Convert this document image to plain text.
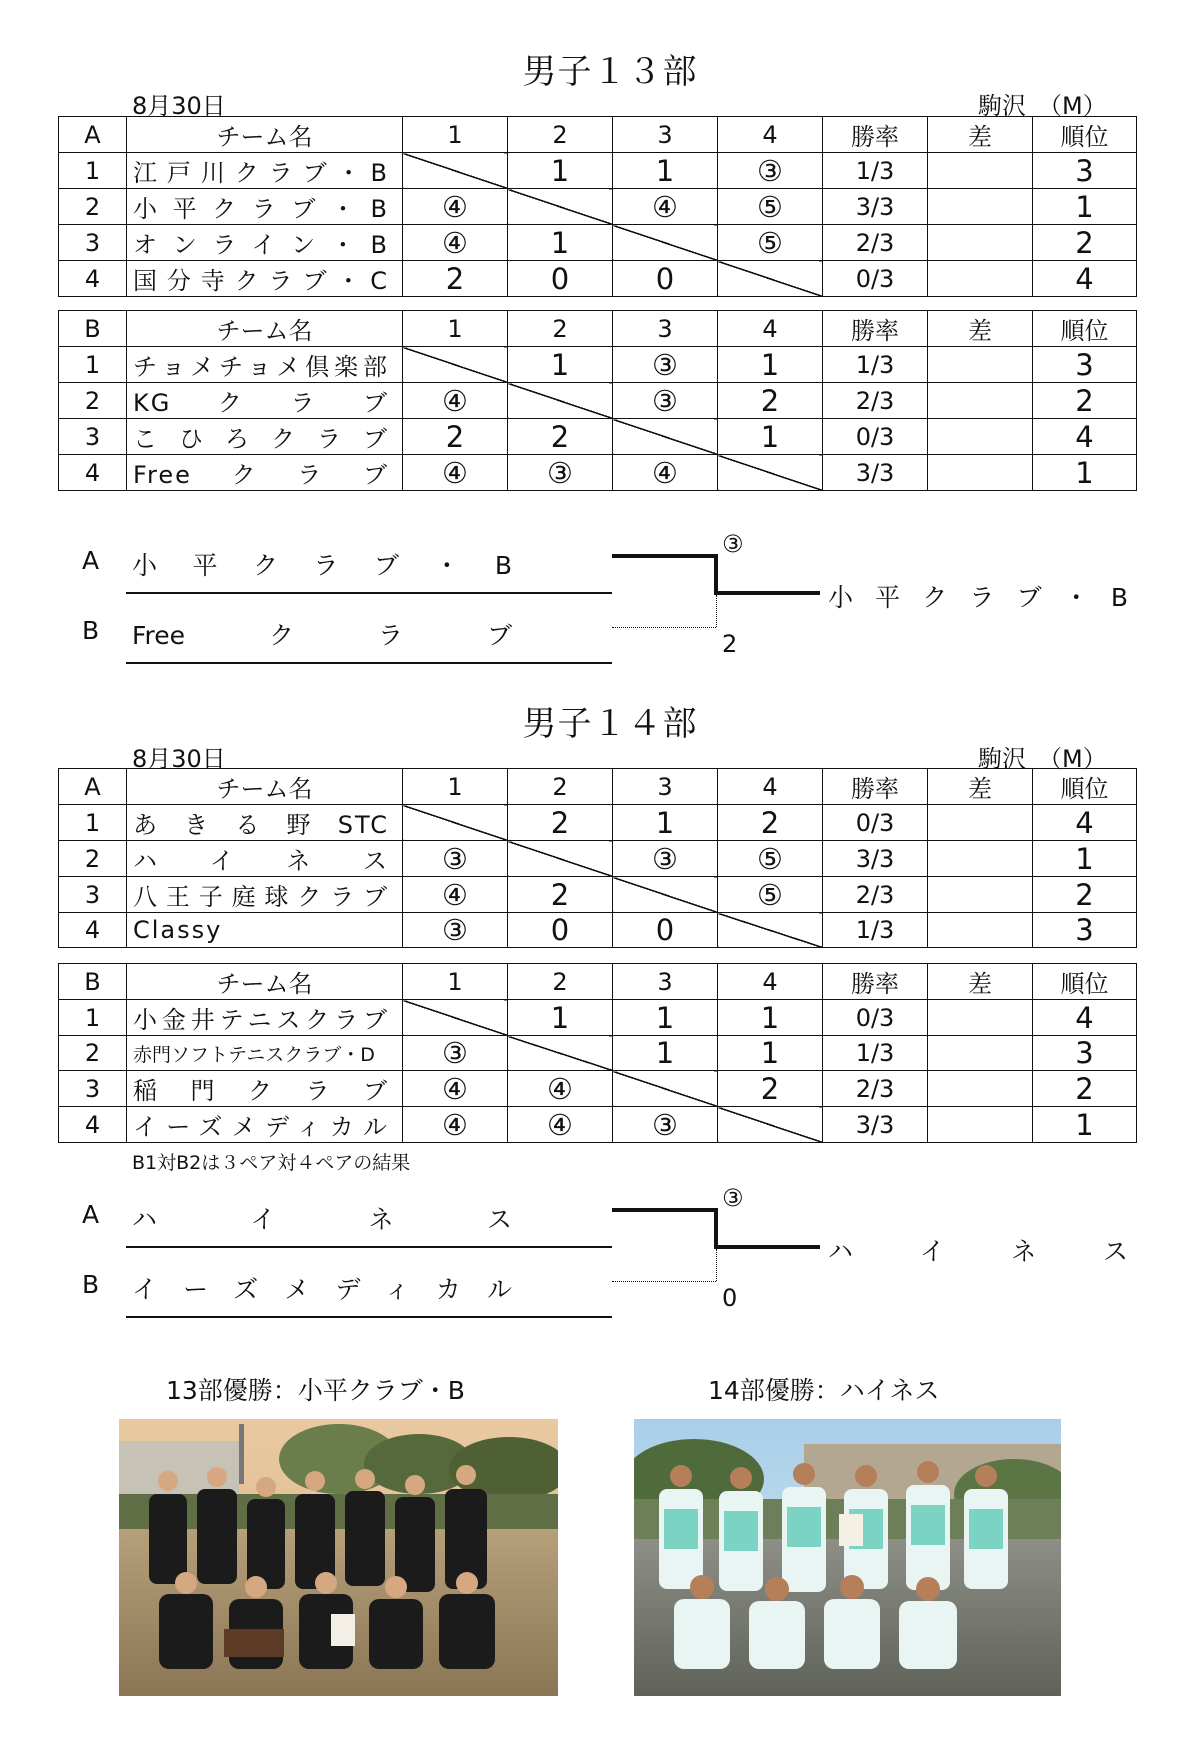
男子１３部
8月30日	駒沢　（M）
A	チーム名	1	2	3	4	勝率	差	順位
1	江戸川クラブ・B		1	1	③	1/3		3
2	小平クラブ・B	④		④	⑤	3/3		1
3	オンライン・B	④	1		⑤	2/3		2
4	国分寺クラブ・C	2	0	0		0/3		4
B	チーム名	1	2	3	4	勝率	差	順位
1	チョメチョメ倶楽部		1	③	1	1/3		3
2	KGクラブ	④		③	2	2/3		2
3	こひろクラブ	2	2		1	0/3		4
4	Freeクラブ	④	③	④		3/3		1
A 小平クラブ・B
B Freeクラブ
③
2
小平クラブ・B
男子１４部
8月30日	駒沢　（M）
A	チーム名	1	2	3	4	勝率	差	順位
1	あきる野STC		2	1	2	0/3		4
2	ハイネス	③		③	⑤	3/3		1
3	八王子庭球クラブ	④	2		⑤	2/3		2
4	Classy	③	0	0		1/3		3
B	チーム名	1	2	3	4	勝率	差	順位
1	小金井テニスクラブ		1	1	1	0/3		4
2	赤門ソフトテニスクラブ・D	③		1	1	1/3		3
3	稲門クラブ	④	④		2	2/3		2
4	イーズメディカル	④	④	③		3/3		1
B1対B2は３ペア対４ペアの結果
A ハイネス
B イーズメディカル
③
0
ハイネス
13部優勝：小平クラブ・B	14部優勝：ハイネス
